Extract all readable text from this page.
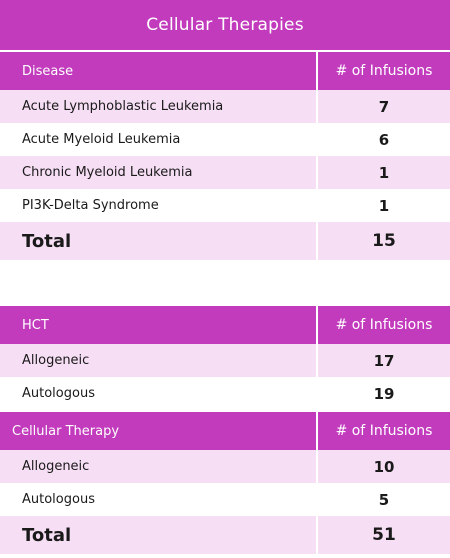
Cellular Therapies
Disease	# of Infusions
Acute Lymphoblastic Leukemia	7
Acute Myeloid Leukemia	6
Chronic Myeloid Leukemia	1
PI3K-Delta Syndrome	1
Total	15
HCT	# of Infusions
Allogeneic	17
Autologous	19
Cellular Therapy	# of Infusions
Allogeneic	10
Autologous	5
Total	51
